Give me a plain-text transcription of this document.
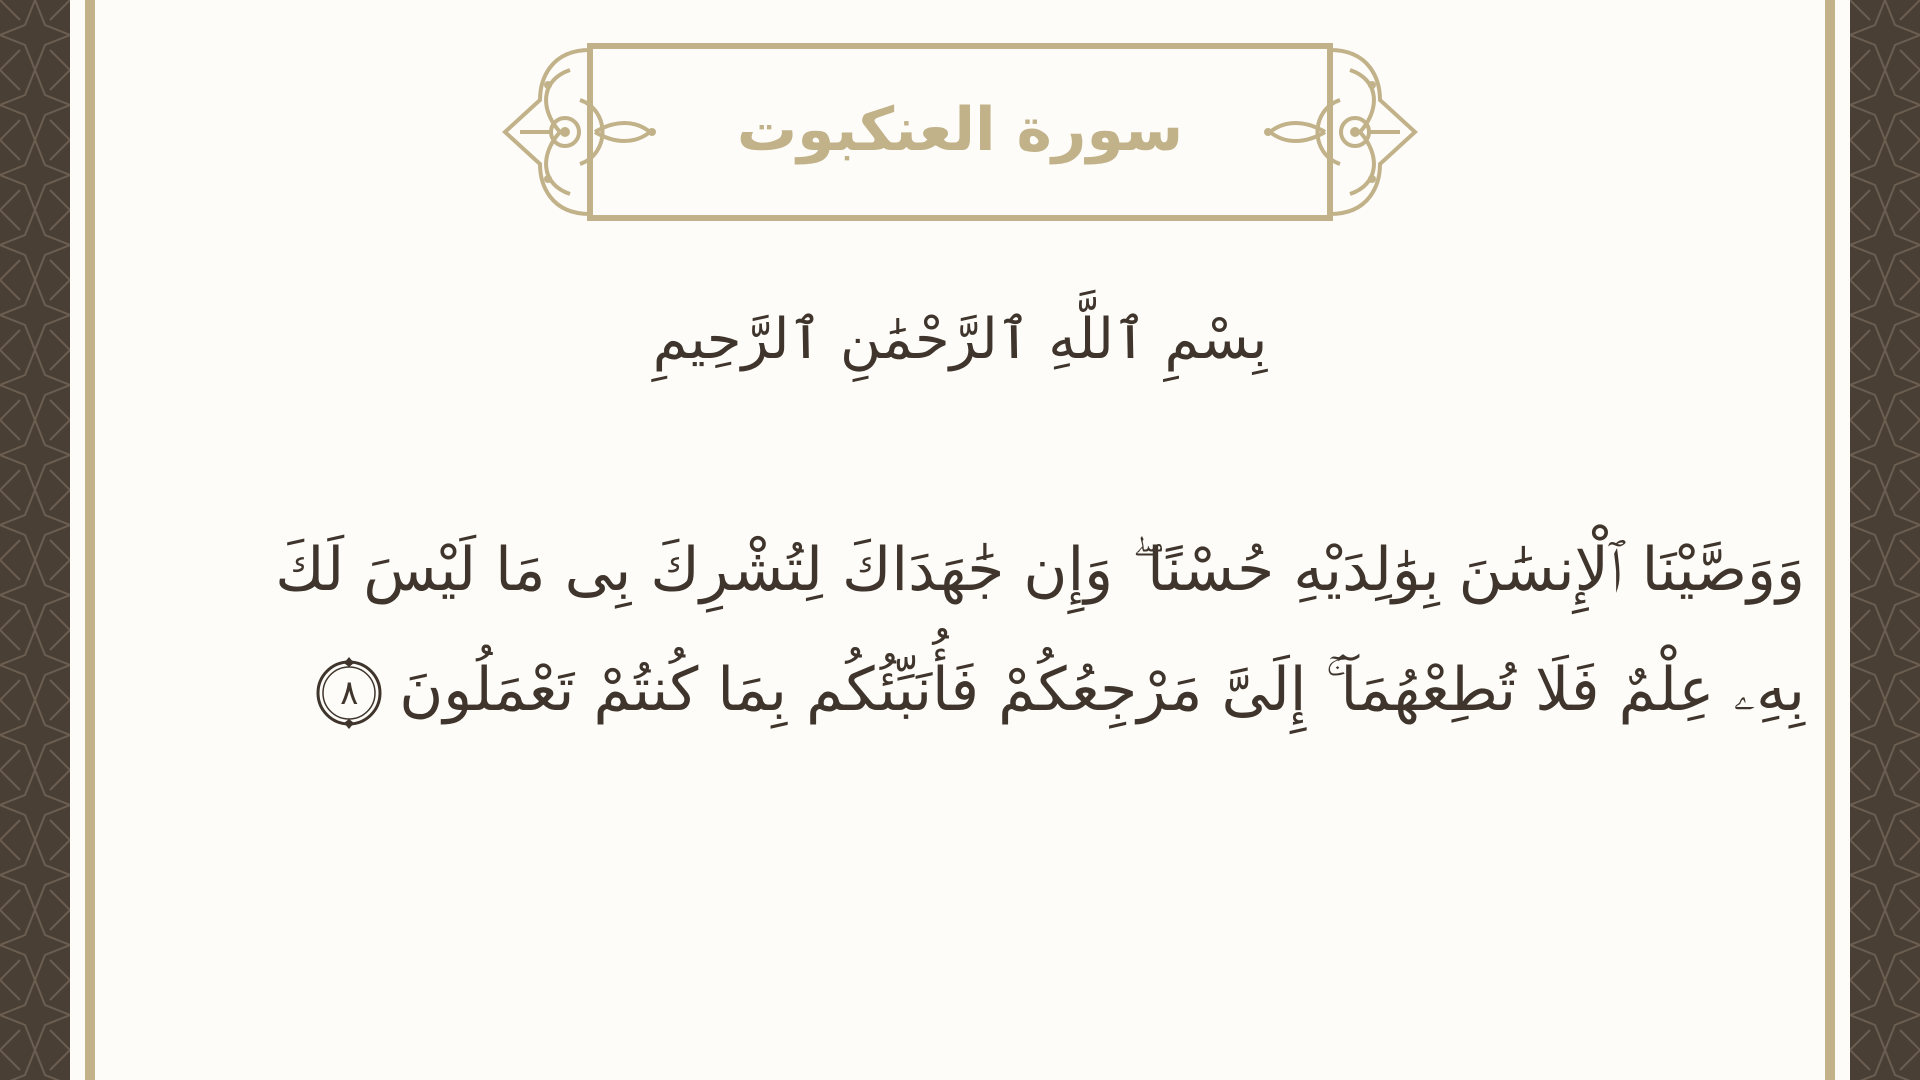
سورة العنكبوت
بِسْمِ ٱللَّهِ ٱلرَّحْمَٰنِ ٱلرَّحِيمِ
وَوَصَّيْنَا ٱلْإِنسَٰنَ بِوَٰلِدَيْهِ حُسْنًا ۖ وَإِن جَٰهَدَاكَ لِتُشْرِكَ بِى مَا لَيْسَ لَكَ بِهِۦ عِلْمٌ فَلَا تُطِعْهُمَآ ۚ إِلَىَّ مَرْجِعُكُمْ فَأُنَبِّئُكُم بِمَا كُنتُمْ تَعْمَلُونَ
٨
